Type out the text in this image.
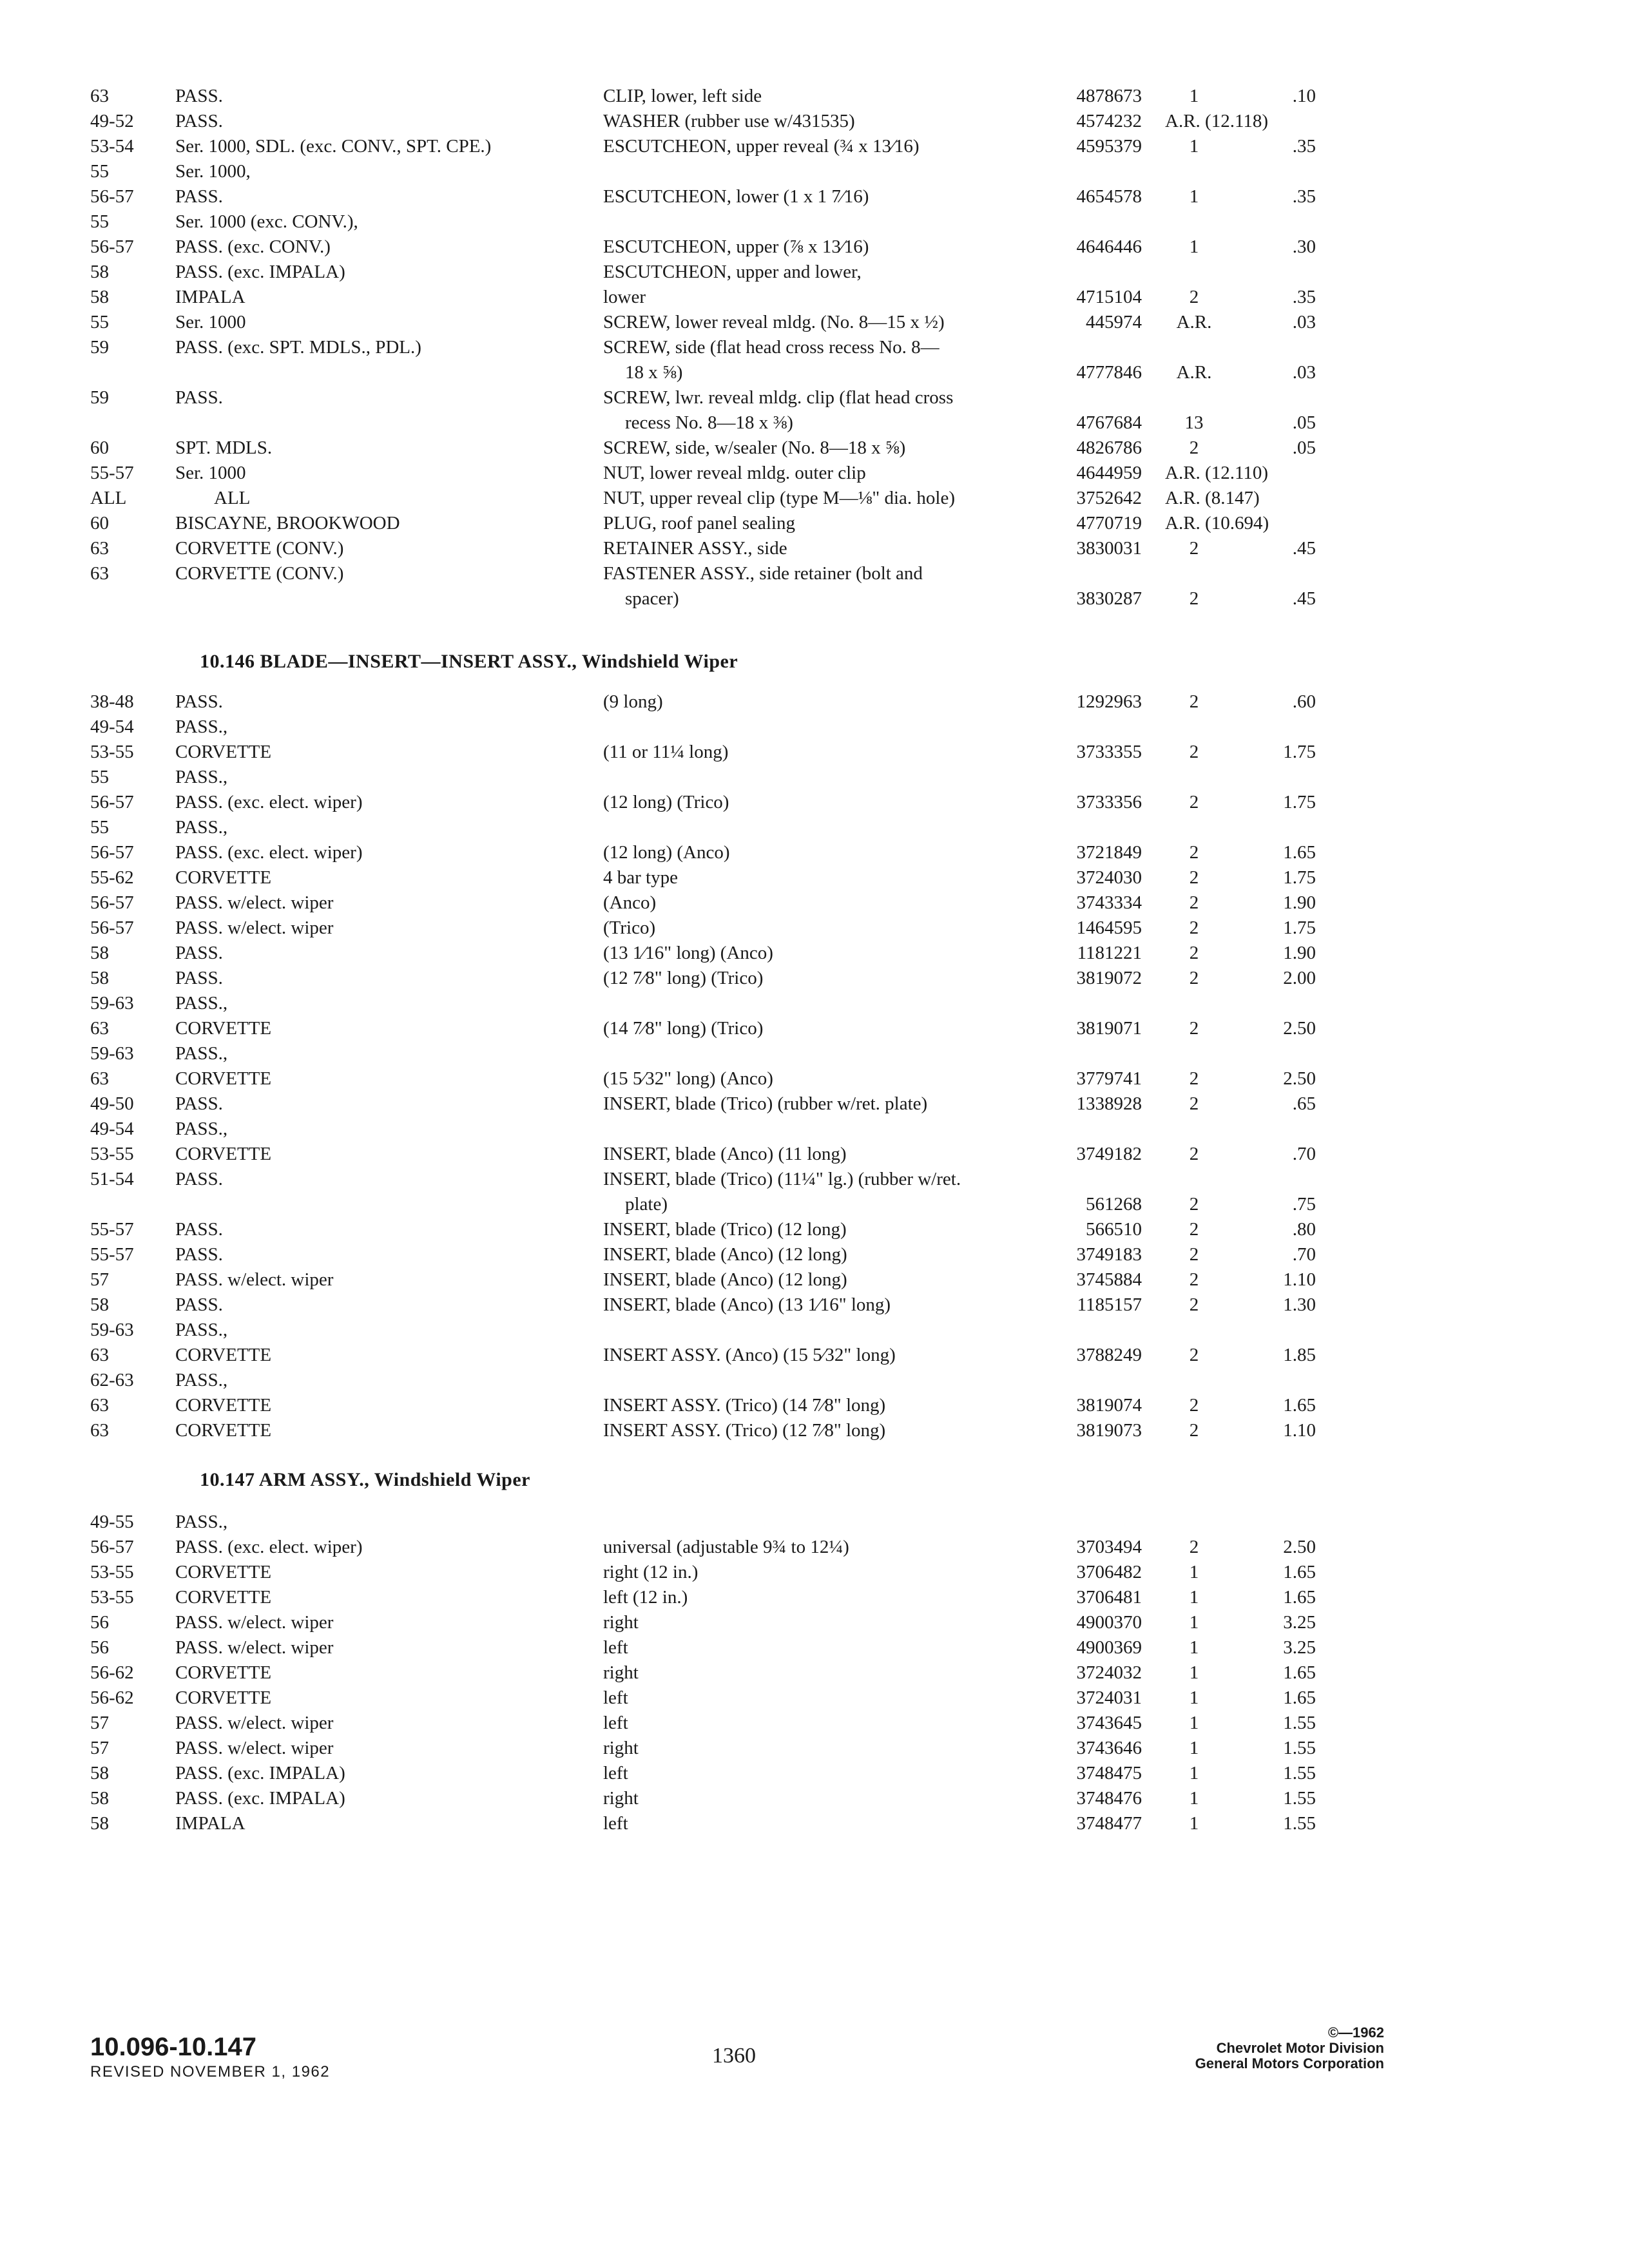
63	PASS.	CLIP, lower, left side	4878673	1	.10
49-52	PASS.	WASHER (rubber use w/431535)	4574232 A.R. (12.118)
53-54	Ser. 1000, SDL. (exc. CONV., SPT. CPE.)	ESCUTCHEON, upper reveal (¾ x 13⁄16)	4595379	1	.35
55	Ser. 1000,
56-57	PASS.	ESCUTCHEON, lower (1 x 1 7⁄16)	4654578	1	.35
55	Ser. 1000 (exc. CONV.),
56-57	PASS. (exc. CONV.)	ESCUTCHEON, upper (⅞ x 13⁄16)	4646446	1	.30
58	PASS. (exc. IMPALA)	ESCUTCHEON, upper and lower,
58	IMPALA	lower	4715104	2	.35
55	Ser. 1000	SCREW, lower reveal mldg. (No. 8—15 x ½)	445974	A.R.	.03
59	PASS. (exc. SPT. MDLS., PDL.)	SCREW, side (flat head cross recess No. 8—
18 x ⅝)	4777846	A.R.	.03
59	PASS.	SCREW, lwr. reveal mldg. clip (flat head cross
recess No. 8—18 x ⅜)	4767684	13	.05
60	SPT. MDLS.	SCREW, side, w/sealer (No. 8—18 x ⅝)	4826786	2	.05
55-57	Ser. 1000	NUT, lower reveal mldg. outer clip	4644959 A.R. (12.110)
ALL	ALL	NUT, upper reveal clip (type M—⅛" dia. hole)	3752642 A.R. (8.147)
60	BISCAYNE, BROOKWOOD	PLUG, roof panel sealing	4770719 A.R. (10.694)
63	CORVETTE (CONV.)	RETAINER ASSY., side	3830031	2	.45
63	CORVETTE (CONV.)	FASTENER ASSY., side retainer (bolt and
spacer)	3830287	2	.45
10.146 BLADE—INSERT—INSERT ASSY., Windshield Wiper
38-48	PASS.	(9 long)	1292963	2	.60
49-54	PASS.,
53-55	CORVETTE	(11 or 11¼ long)	3733355	2	1.75
55	PASS.,
56-57	PASS. (exc. elect. wiper)	(12 long) (Trico)	3733356	2	1.75
55	PASS.,
56-57	PASS. (exc. elect. wiper)	(12 long) (Anco)	3721849	2	1.65
55-62	CORVETTE	4 bar type	3724030	2	1.75
56-57	PASS. w/elect. wiper	(Anco)	3743334	2	1.90
56-57	PASS. w/elect. wiper	(Trico)	1464595	2	1.75
58	PASS.	(13 1⁄16" long) (Anco)	1181221	2	1.90
58	PASS.	(12 7⁄8" long) (Trico)	3819072	2	2.00
59-63	PASS.,
63	CORVETTE	(14 7⁄8" long) (Trico)	3819071	2	2.50
59-63	PASS.,
63	CORVETTE	(15 5⁄32" long) (Anco)	3779741	2	2.50
49-50	PASS.	INSERT, blade (Trico) (rubber w/ret. plate)	1338928	2	.65
49-54	PASS.,
53-55	CORVETTE	INSERT, blade (Anco) (11 long)	3749182	2	.70
51-54	PASS.	INSERT, blade (Trico) (11¼" lg.) (rubber w/ret.
plate)	561268	2	.75
55-57	PASS.	INSERT, blade (Trico) (12 long)	566510	2	.80
55-57	PASS.	INSERT, blade (Anco) (12 long)	3749183	2	.70
57	PASS. w/elect. wiper	INSERT, blade (Anco) (12 long)	3745884	2	1.10
58	PASS.	INSERT, blade (Anco) (13 1⁄16" long)	1185157	2	1.30
59-63	PASS.,
63	CORVETTE	INSERT ASSY. (Anco) (15 5⁄32" long)	3788249	2	1.85
62-63	PASS.,
63	CORVETTE	INSERT ASSY. (Trico) (14 7⁄8" long)	3819074	2	1.65
63	CORVETTE	INSERT ASSY. (Trico) (12 7⁄8" long)	3819073	2	1.10
10.147 ARM ASSY., Windshield Wiper
49-55	PASS.,
56-57	PASS. (exc. elect. wiper)	universal (adjustable 9¾ to 12¼)	3703494	2	2.50
53-55	CORVETTE	right (12 in.)	3706482	1	1.65
53-55	CORVETTE	left (12 in.)	3706481	1	1.65
56	PASS. w/elect. wiper	right	4900370	1	3.25
56	PASS. w/elect. wiper	left	4900369	1	3.25
56-62	CORVETTE	right	3724032	1	1.65
56-62	CORVETTE	left	3724031	1	1.65
57	PASS. w/elect. wiper	left	3743645	1	1.55
57	PASS. w/elect. wiper	right	3743646	1	1.55
58	PASS. (exc. IMPALA)	left	3748475	1	1.55
58	PASS. (exc. IMPALA)	right	3748476	1	1.55
58	IMPALA	left	3748477	1	1.55
10.096-10.147
REVISED NOVEMBER 1, 1962
1360
©—1962
Chevrolet Motor Division
General Motors Corporation
